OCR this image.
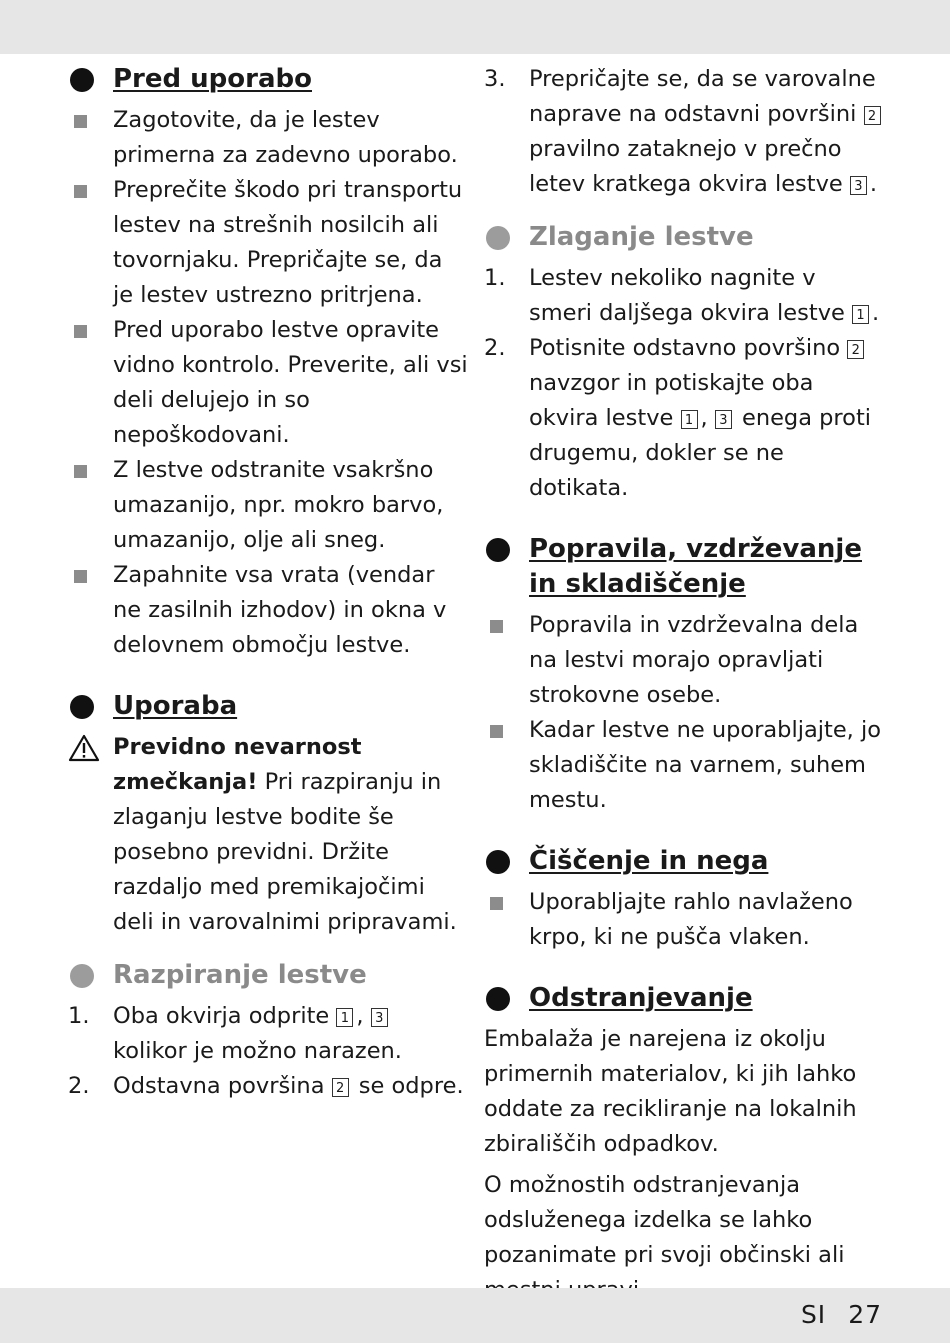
Pred uporabo
Zagotovite, da je lestev primerna za zadevno uporabo.
Preprečite škodo pri transportu lestev na strešnih nosilcih ali tovornjaku. Prepričajte se, da je lestev ustrezno pritrjena.
Pred uporabo lestve opravite vidno kontrolo. Preverite, ali vsi deli delujejo in so nepoškodovani.
Z lestve odstranite vsakršno umazanijo, npr. mokro barvo, umazanijo, olje ali sneg.
Zapahnite vsa vrata (vendar ne zasilnih izhodov) in okna v delovnem območju lestve.
Uporaba
Previdno nevarnost zmečkanja! Pri razpiranju in zlaganju lestve bodite še posebno previdni. Držite razdaljo med premikajočimi deli in varovalnimi pripravami.
Razpiranje lestve
1. Oba okvirja odprite 1 , 3 kolikor je možno narazen.
2. Odstavna površina 2 se odpre.
3. Prepričajte se, da se varovalne naprave na odstavni površini 2 pravilno zataknejo v prečno letev kratkega okvira lestve 3 .
Zlaganje lestve
1. Lestev nekoliko nagnite v smeri daljšega okvira lestve 1 .
2. Potisnite odstavno površino 2 navzgor in potiskajte oba okvira lestve 1 , 3 enega proti drugemu, dokler se ne dotikata.
Popravila, vzdrževanje in skladiščenje
Popravila in vzdrževalna dela na lestvi morajo opravljati strokovne osebe.
Kadar lestve ne uporabljajte, jo skladiščite na varnem, suhem mestu.
Čiščenje in nega
Uporabljajte rahlo navlaženo krpo, ki ne pušča vlaken.
Odstranjevanje

Embalaža je narejena iz okolju primernih materialov, ki jih lahko oddate za recikliranje na lokalnih zbirališčih odpadkov.

O možnostih odstranjevanja odsluženega izdelka se lahko pozanimate pri svoji občinski ali

SI 27
